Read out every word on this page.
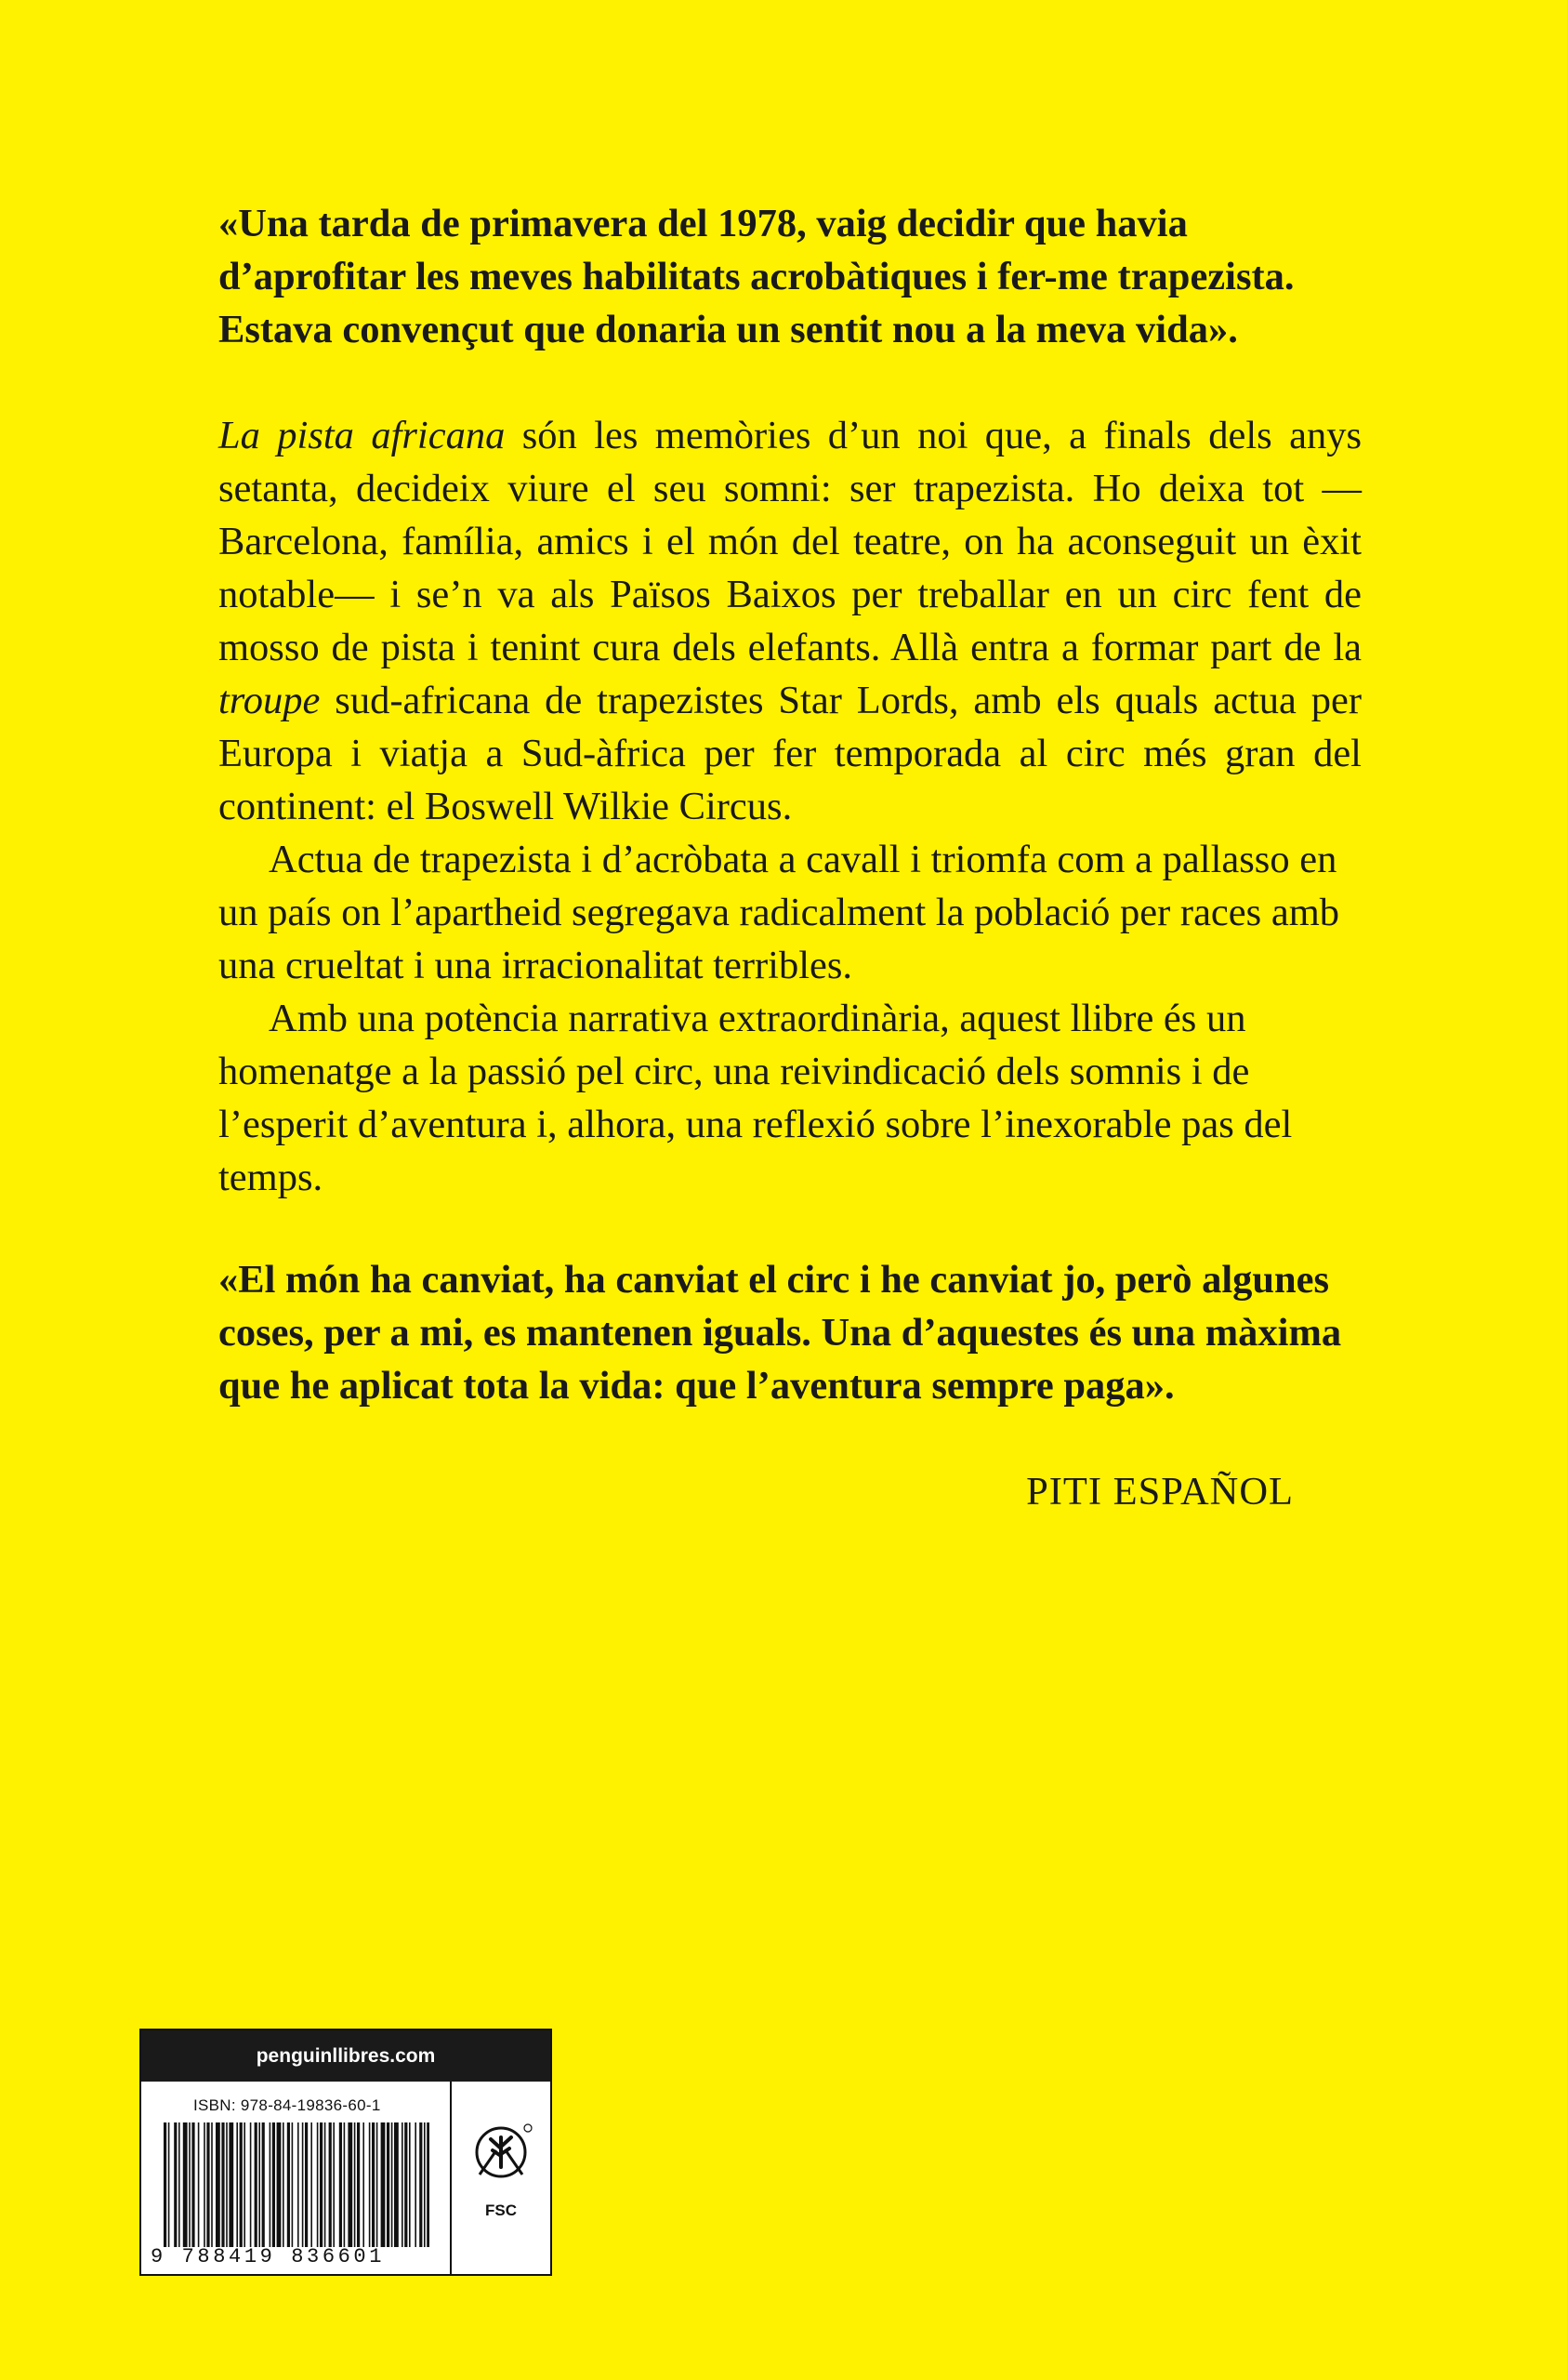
«Una tarda de primavera del 1978, vaig decidir que havia
d’aprofitar les meves habilitats acrobàtiques i fer-me trapezista.
Estava convençut que donaria un sentit nou a la meva vida».

La pista africana són les memòries d’un noi que, a finals dels anys setanta, decideix viure el seu somni: ser trapezista. Ho deixa tot —Barcelona, família, amics i el món del teatre, on ha aconseguit un èxit notable— i se’n va als Països Baixos per treballar en un circ fent de mosso de pista i tenint cura dels elefants. Allà entra a formar part de la troupe sud-africana de trapezistes Star Lords, amb els quals actua per Europa i viatja a Sud-àfrica per fer temporada al circ més gran del continent: el Boswell Wilkie Circus.

Actua de trapezista i d’acròbata a cavall i triomfa com a pallasso en un país on l’apartheid segregava radicalment la població per races amb una crueltat i una irracionalitat terribles.

Amb una potència narrativa extraordinària, aquest llibre és un homenatge a la passió pel circ, una reivindicació dels somnis i de l’esperit d’aventura i, alhora, una reflexió sobre l’inexorable pas del temps.

«El món ha canviat, ha canviat el circ i he canviat jo, però algunes
coses, per a mi, es mantenen iguals. Una d’aquestes és una màxima
que he aplicat tota la vida: que l’aventura sempre paga».
PITI ESPAÑOL
penguinllibres.com
ISBN: 978-84-19836-60-1
9 788419 836601
FSC
